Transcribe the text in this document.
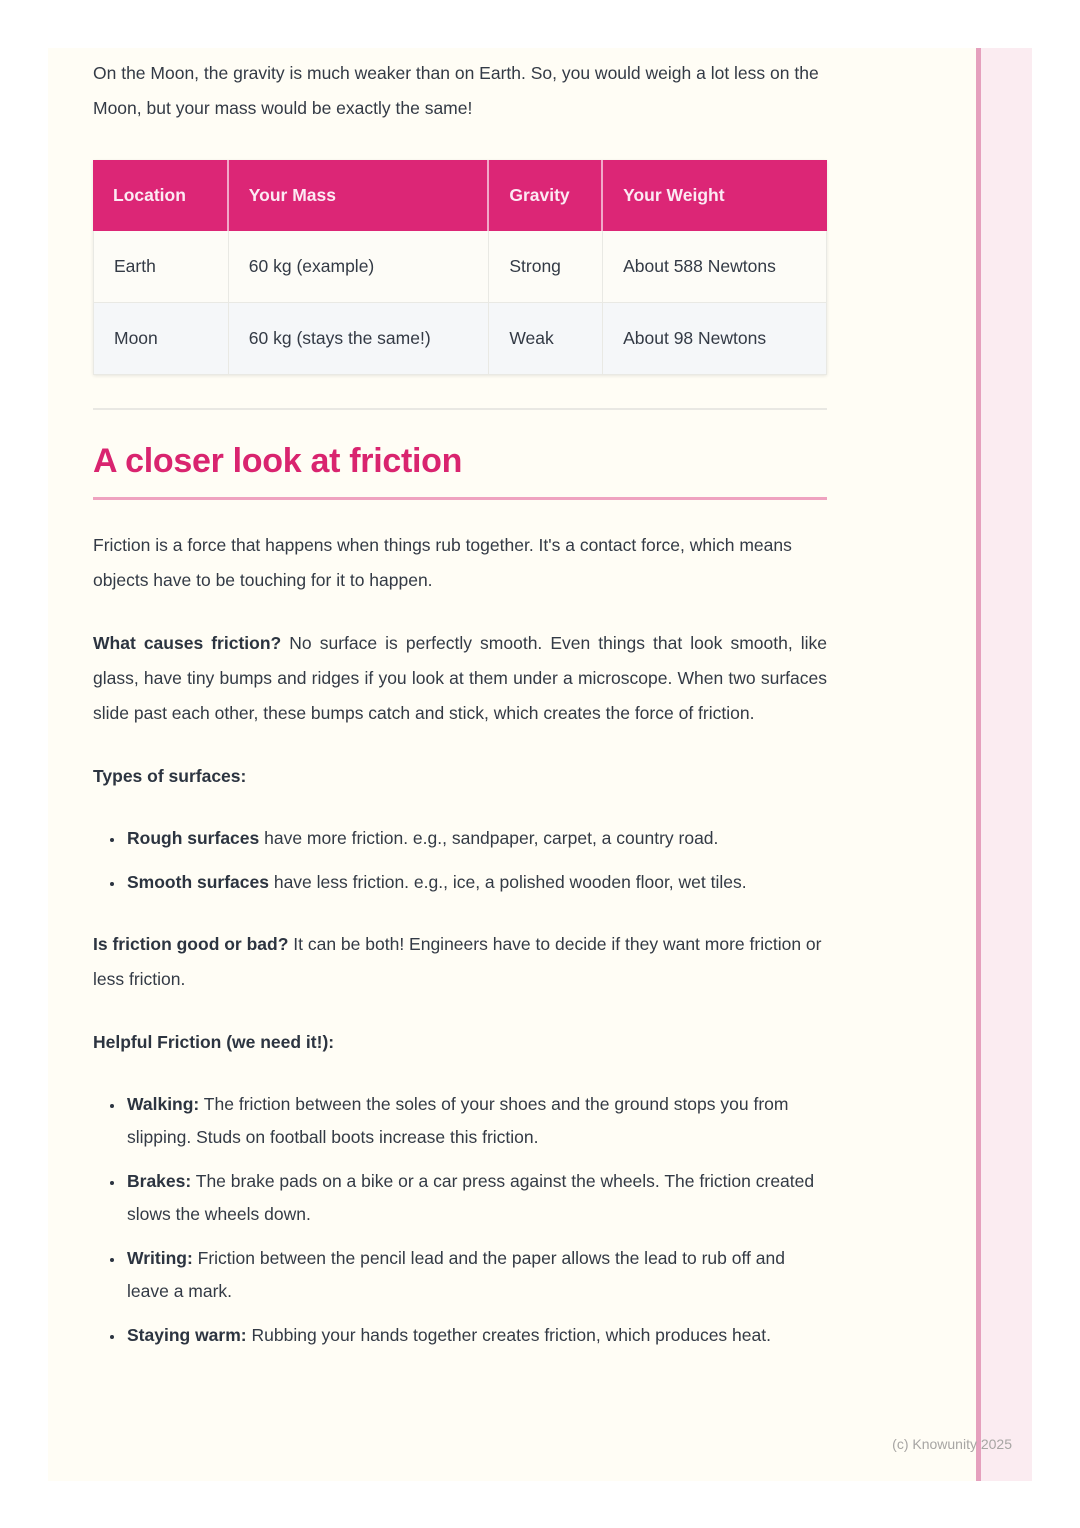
On the Moon, the gravity is much weaker than on Earth. So, you would weigh a lot less on the Moon, but your mass would be exactly the same!

Location	Your Mass	Gravity	Your Weight
Earth	60 kg (example)	Strong	About 588 Newtons
Moon	60 kg (stays the same!)	Weak	About 98 Newtons
A closer look at friction

Friction is a force that happens when things rub together. It's a contact force, which means objects have to be touching for it to happen.

What causes friction? No surface is perfectly smooth. Even things that look smooth, like glass, have tiny bumps and ridges if you look at them under a microscope. When two surfaces slide past each other, these bumps catch and stick, which creates the force of friction.

Types of surfaces:

• Rough surfaces have more friction. e.g., sandpaper, carpet, a country road.
• Smooth surfaces have less friction. e.g., ice, a polished wooden floor, wet tiles.

Is friction good or bad? It can be both! Engineers have to decide if they want more friction or less friction.

Helpful Friction (we need it!):

• Walking: The friction between the soles of your shoes and the ground stops you from slipping. Studs on football boots increase this friction.
• Brakes: The brake pads on a bike or a car press against the wheels. The friction created slows the wheels down.
• Writing: Friction between the pencil lead and the paper allows the lead to rub off and leave a mark.
• Staying warm: Rubbing your hands together creates friction, which produces heat.
(c) Knowunity 2025
